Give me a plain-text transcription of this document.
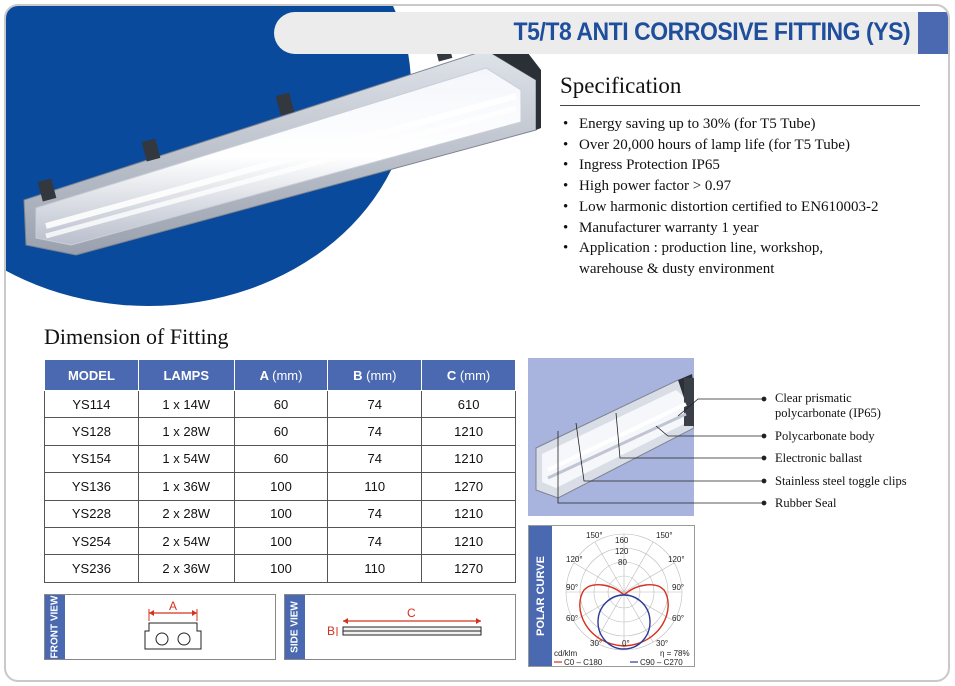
T5/T8 ANTI CORROSIVE FITTING (YS)
Specification
• Energy saving up to 30% (for T5 Tube)
• Over 20,000 hours of lamp life (for T5 Tube)
• Ingress Protection IP65
• High power factor > 0.97
• Low harmonic distortion certified to EN610003-2
• Manufacturer warranty 1 year
• Application : production line, workshop,
warehouse & dusty environment
Dimension of Fitting
MODEL	LAMPS	A (mm)	B (mm)	C (mm)
YS114	1 x 14W	60	74	610
YS128	1 x 28W	60	74	1210
YS154	1 x 54W	60	74	1210
YS136	1 x 36W	100	110	1270
YS228	2 x 28W	100	74	1210
YS254	2 x 54W	100	74	1210
YS236	2 x 36W	100	110	1270
FRONT VIEW	A	SIDE VIEW	C
B
Clear prismatic
polycarbonate (IP65)
Polycarbonate body
Electronic ballast
Stainless steel toggle clips
Rubber Seal
POLAR CURVE
150°	150°
120°	120°
90°	90°
60°	60°
30° 0°	30°
160
120
80
cd/klm	η = 78%
C0 – C180	C90 – C270
